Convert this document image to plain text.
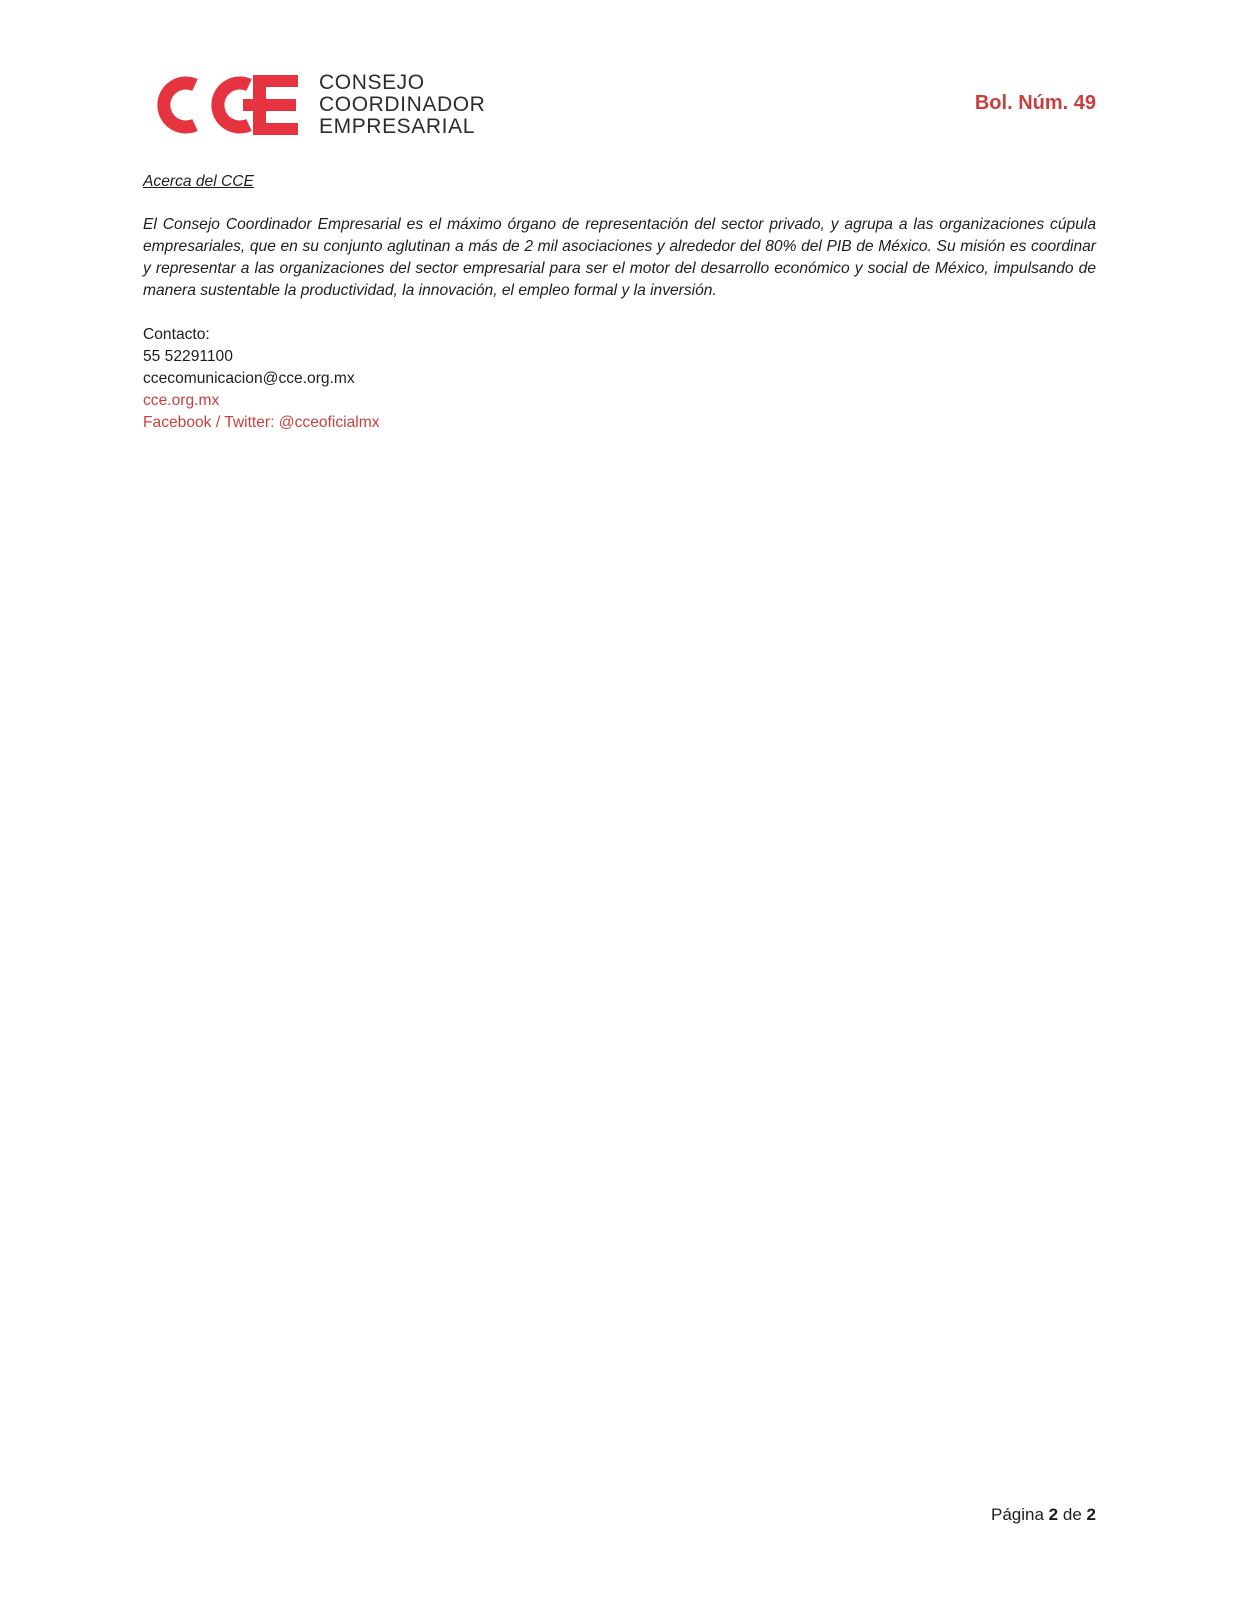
CONSEJO
COORDINADOR
EMPRESARIAL
Bol. Núm. 49

Acerca del CCE

El Consejo Coordinador Empresarial es el máximo órgano de representación del sector privado, y agrupa a las organizaciones cúpula empresariales, que en su conjunto aglutinan a más de 2 mil asociaciones y alrededor del 80% del PIB de México. Su misión es coordinar y representar a las organizaciones del sector empresarial para ser el motor del desarrollo económico y social de México, impulsando de manera sustentable la productividad, la innovación, el empleo formal y la inversión.

Contacto:
55 52291100
ccecomunicacion@cce.org.mx
cce.org.mx
Facebook / Twitter: @cceoficialmx
Página 2 de 2
